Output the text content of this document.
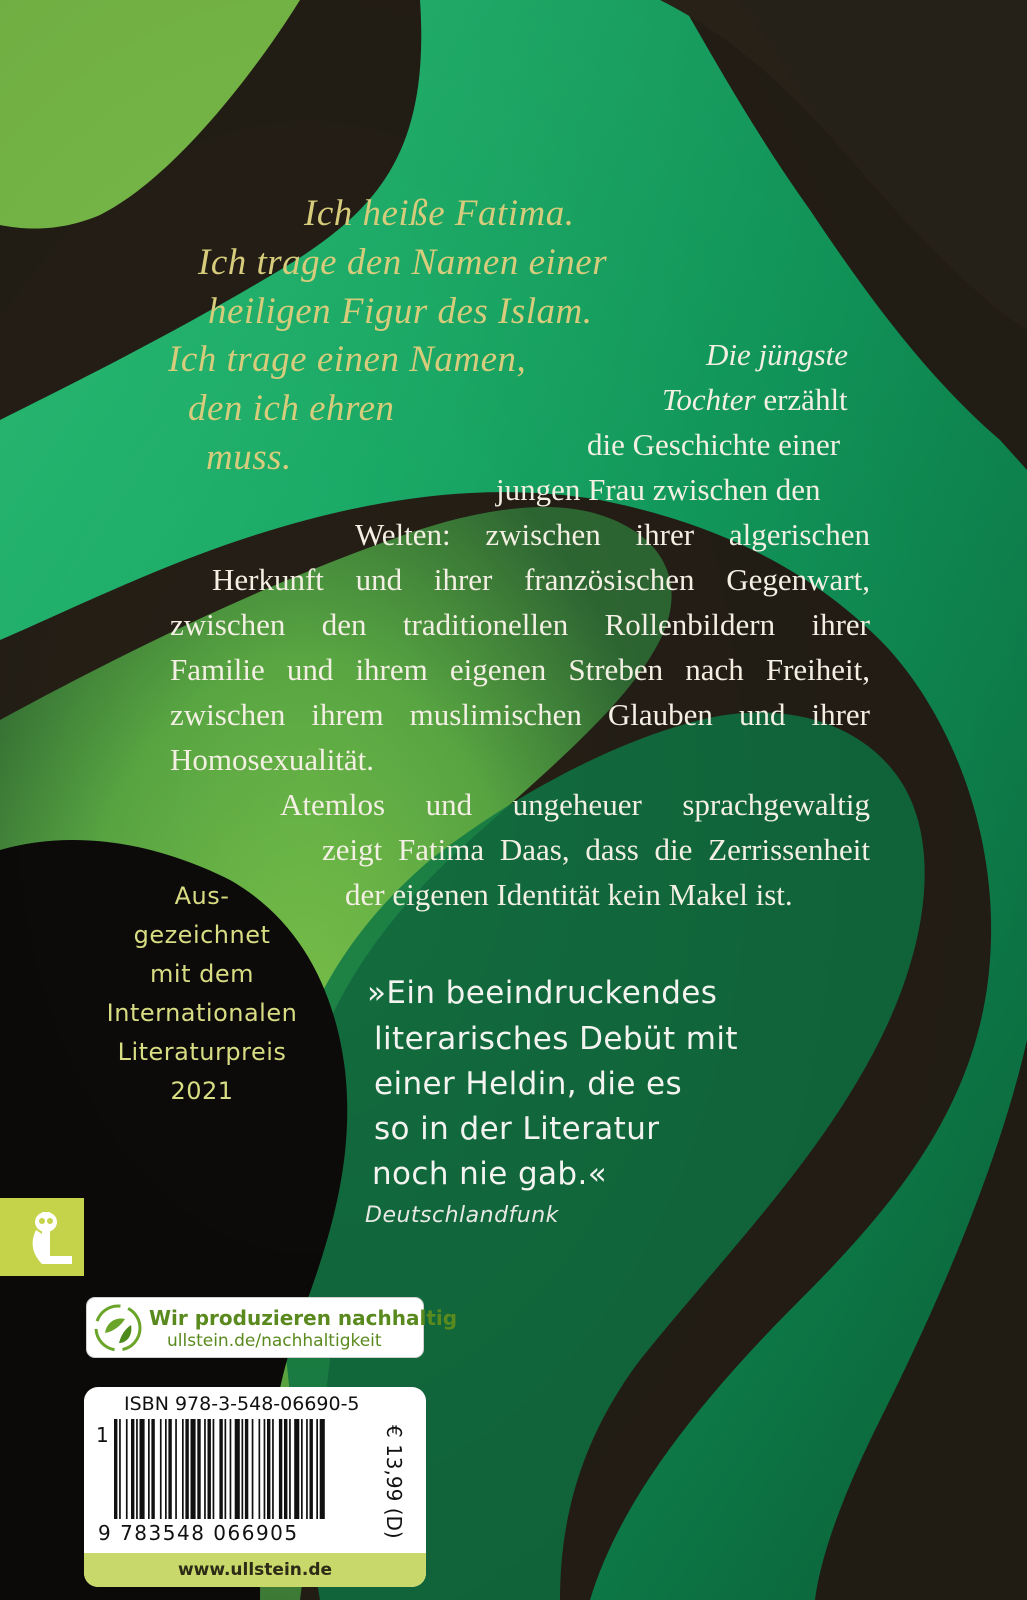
Ich heiße Fatima.
Ich trage den Namen einer
heiligen Figur des Islam.
Ich trage einen Namen,
den ich ehren
muss.
Die jüngste
Tochter erzählt
die Geschichte einer
jungen Frau zwischen den
Welten: zwischen ihrer algerischen
Herkunft und ihrer französischen Gegenwart,
zwischen den traditionellen Rollenbildern ihrer
Familie und ihrem eigenen Streben nach Freiheit,
zwischen ihrem muslimischen Glauben und ihrer
Homosexualität.
Atemlos und ungeheuer sprachgewaltig
zeigt Fatima Daas, dass die Zerrissenheit
der eigenen Identität kein Makel ist.
Aus-
gezeichnet
mit dem
Internationalen
Literaturpreis
2021
»Ein beeindruckendes
literarisches Debüt mit
einer Heldin, die es
so in der Literatur
noch nie gab.«
Deutschlandfunk
Wir produzieren nachhaltig
ullstein.de/nachhaltigkeit
ISBN 978-3-548-06690-5
1
9 783548 066905	€ 13,99 (D)
www.ullstein.de
